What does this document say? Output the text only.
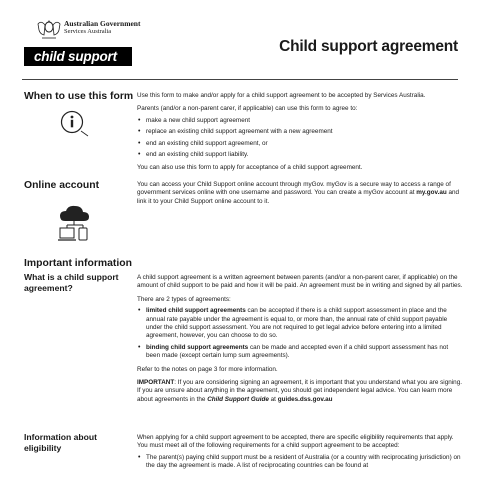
Australian Government
Services Australia
child support
Child support agreement
When to use this form Use this form to make and/or apply for a child support agreement to be accepted by Services Australia.

Parents (and/or a non-parent carer, if applicable) can use this form to agree to:

• make a new child support agreement
• replace an existing child support agreement with a new agreement
• end an existing child support agreement, or
• end an existing child support liability.

You can also use this form to apply for acceptance of a child support agreement.

Online account	You can access your Child Support online account through myGov. myGov is a secure way to access a range of government services online with one username and password. You can create a myGov account at my.gov.au and link it to your Child Support online account to it.

Important information
What is a child support agreement?

A child support agreement is a written agreement between parents (and/or a non-parent carer, if applicable) on the amount of child support to be paid and how it will be paid. An agreement must be in writing and signed by all parties.

There are 2 types of agreements:

• limited child support agreements can be accepted if there is a child support assessment in place and the annual rate payable under the agreement is equal to, or more than, the annual rate of child support payable under the child support assessment. You are not required to get legal advice before entering into a limited agreement, however, you can choose to do so.
• binding child support agreements can be made and accepted even if a child support assessment has not been made (except certain lump sum agreements).

Refer to the notes on page 3 for more information.

IMPORTANT: If you are considering signing an agreement, it is important that you understand what you are signing. If you are unsure about anything in the agreement, you should get independent legal advice. You can learn more about agreements in the Child Support Guide at guides.dss.gov.au

Information about eligibility

When applying for a child support agreement to be accepted, there are specific eligibility requirements that apply. You must meet all of the following requirements for a child support agreement to be accepted:

• The parent(s) paying child support must be a resident of Australia (or a country with reciprocating jurisdiction) on the day the agreement is made. A list of reciprocating countries can be found at
